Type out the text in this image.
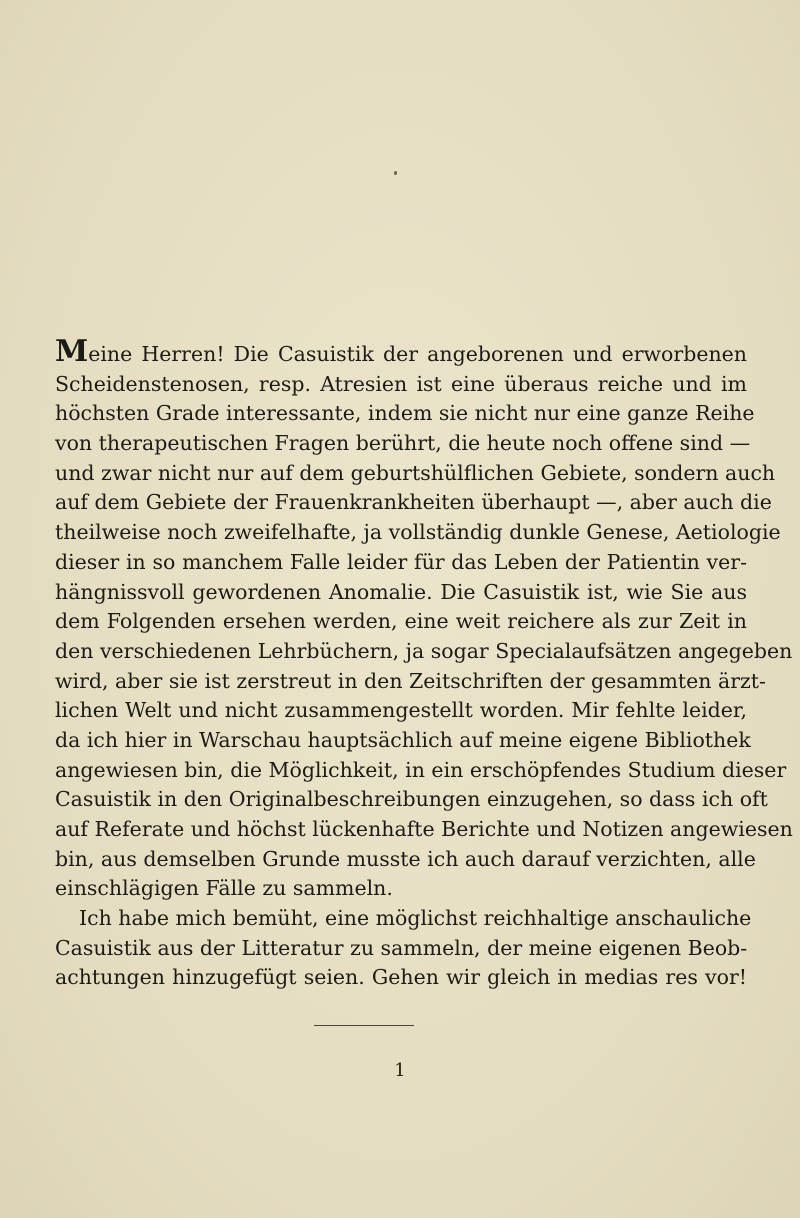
Meine Herren! Die Casuistik der angeborenen und erworbenen
Scheidenstenosen, resp. Atresien ist eine überaus reiche und im
höchsten Grade interessante, indem sie nicht nur eine ganze Reihe
von therapeutischen Fragen berührt, die heute noch offene sind —
und zwar nicht nur auf dem geburtshülflichen Gebiete, sondern auch
auf dem Gebiete der Frauenkrankheiten überhaupt —, aber auch die
theilweise noch zweifelhafte, ja vollständig dunkle Genese, Aetiologie
dieser in so manchem Falle leider für das Leben der Patientin ver-
hängnissvoll gewordenen Anomalie. Die Casuistik ist, wie Sie aus
dem Folgenden ersehen werden, eine weit reichere als zur Zeit in
den verschiedenen Lehrbüchern, ja sogar Specialaufsätzen angegeben
wird, aber sie ist zerstreut in den Zeitschriften der gesammten ärzt-
lichen Welt und nicht zusammengestellt worden. Mir fehlte leider,
da ich hier in Warschau hauptsächlich auf meine eigene Bibliothek
angewiesen bin, die Möglichkeit, in ein erschöpfendes Studium dieser
Casuistik in den Originalbeschreibungen einzugehen, so dass ich oft
auf Referate und höchst lückenhafte Berichte und Notizen angewiesen
bin, aus demselben Grunde musste ich auch darauf verzichten, alle
einschlägigen Fälle zu sammeln.
Ich habe mich bemüht, eine möglichst reichhaltige anschauliche
Casuistik aus der Litteratur zu sammeln, der meine eigenen Beob-
achtungen hinzugefügt seien. Gehen wir gleich in medias res vor!
1
